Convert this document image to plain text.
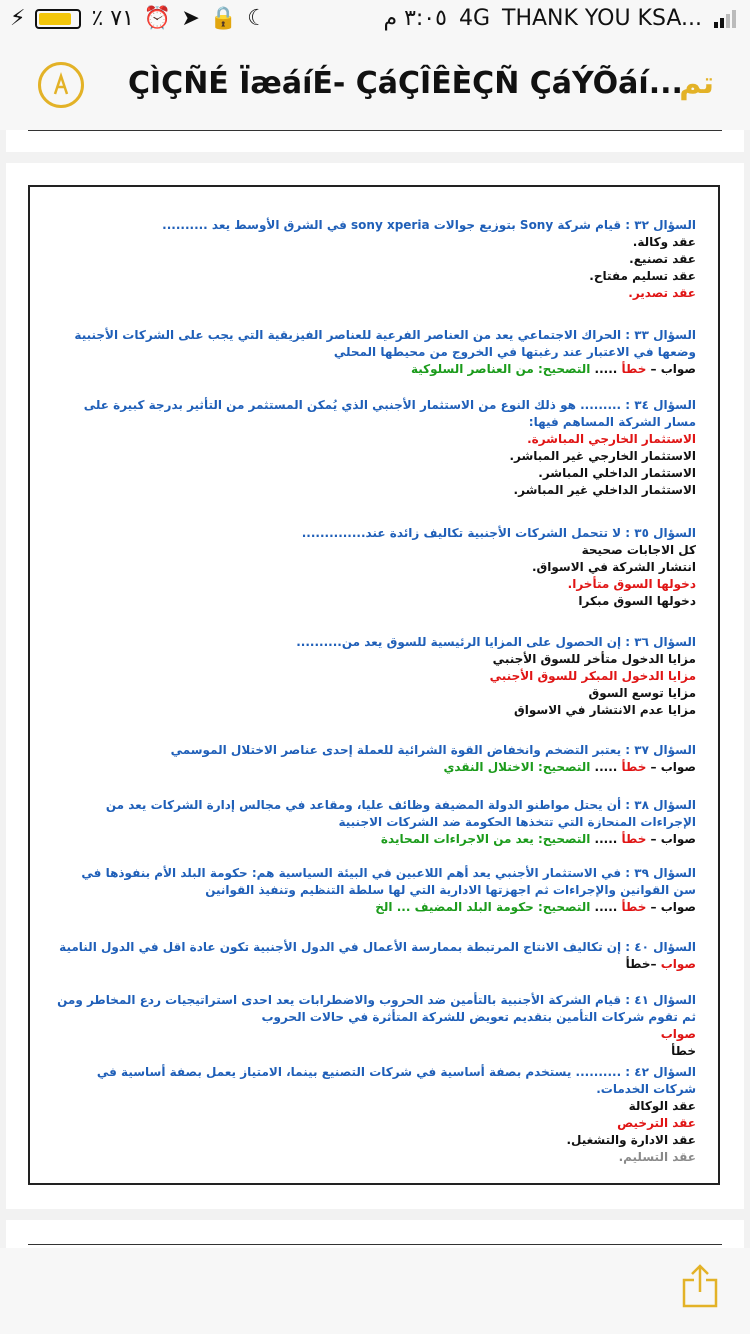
⚡	٪ ٧١ ⏰ ➤ 🔒 ☾	٣:٠٥ م 4G THANK YOU KSA...
ÇÌÇÑÉ ÏæáíÉ- ÇáÇÎÊÈÇÑ ÇáÝÕáí...
تم
السؤال ٣٢ : قيام شركة Sony بتوزيع جوالات sony xperia في الشرق الأوسط يعد ..........
عقد وكالة.
عقد تصنيع.
عقد تسليم مفتاح.
عقد تصدير.
السؤال ٣٣ : الحراك الاجتماعي يعد من العناصر الفرعية للعناصر الفيزيقية التي يجب على الشركات الأجنبية وضعها في الاعتبار عند رغبتها في الخروج من محيطها المحلي
صواب – خطأ ..... التصحيح: من العناصر السلوكية
السؤال ٣٤ : ......... هو ذلك النوع من الاستثمار الأجنبي الذي يُمكن المستثمر من التأثير بدرجة كبيرة على مسار الشركة المساهم فيها:
الاستثمار الخارجي المباشرة.
الاستثمار الخارجي غير المباشر.
الاستثمار الداخلي المباشر.
الاستثمار الداخلي غير المباشر.
السؤال ٣٥ : لا تتحمل الشركات الأجنبية تكاليف زائدة عند..............
كل الاجابات صحيحة
انتشار الشركة في الاسواق.
دخولها السوق متأخرا.
دخولها السوق مبكرا
السؤال ٣٦ : إن الحصول على المزايا الرئيسية للسوق يعد من..........
مزايا الدخول متأخر للسوق الأجنبي
مزايا الدخول المبكر للسوق الأجنبي
مزايا توسع السوق
مزايا عدم الانتشار في الاسواق
السؤال ٣٧ : يعتبر التضخم وانخفاض القوة الشرائية للعملة إحدى عناصر الاختلال الموسمي
صواب – خطأ ..... التصحيح: الاختلال النقدي
السؤال ٣٨ : أن يحتل مواطنو الدولة المضيفة وظائف عليا، ومقاعد في مجالس إدارة الشركات يعد من الإجراءات المنحازة التي تتخذها الحكومة ضد الشركات الاجنبية
صواب – خطأ ..... التصحيح: يعد من الاجراءات المحايدة
السؤال ٣٩ : في الاستثمار الأجنبي يعد أهم اللاعبين في البيئة السياسية هم: حكومة البلد الأم بنفوذها في سن القوانين والإجراءات ثم اجهزتها الادارية التي لها سلطة التنظيم وتنفيذ القوانين
صواب – خطأ ..... التصحيح: حكومة البلد المضيف ... الخ
السؤال ٤٠ : إن تكاليف الانتاج المرتبطة بممارسة الأعمال في الدول الأجنبية تكون عادة اقل في الدول النامية
صواب –خطأ
السؤال ٤١ : قيام الشركة الأجنبية بالتأمين ضد الحروب والاضطرابات يعد احدى استراتيجيات ردع المخاطر ومن ثم تقوم شركات التأمين بتقديم تعويض للشركة المتأثرة في حالات الحروب
صواب
خطأ
السؤال ٤٢ : .......... يستخدم بصفة أساسية في شركات التصنيع بينما، الامتياز يعمل بصفة أساسية في شركات الخدمات.
عقد الوكالة
عقد الترخيص
عقد الادارة والتشغيل.
عقد التسليم.
